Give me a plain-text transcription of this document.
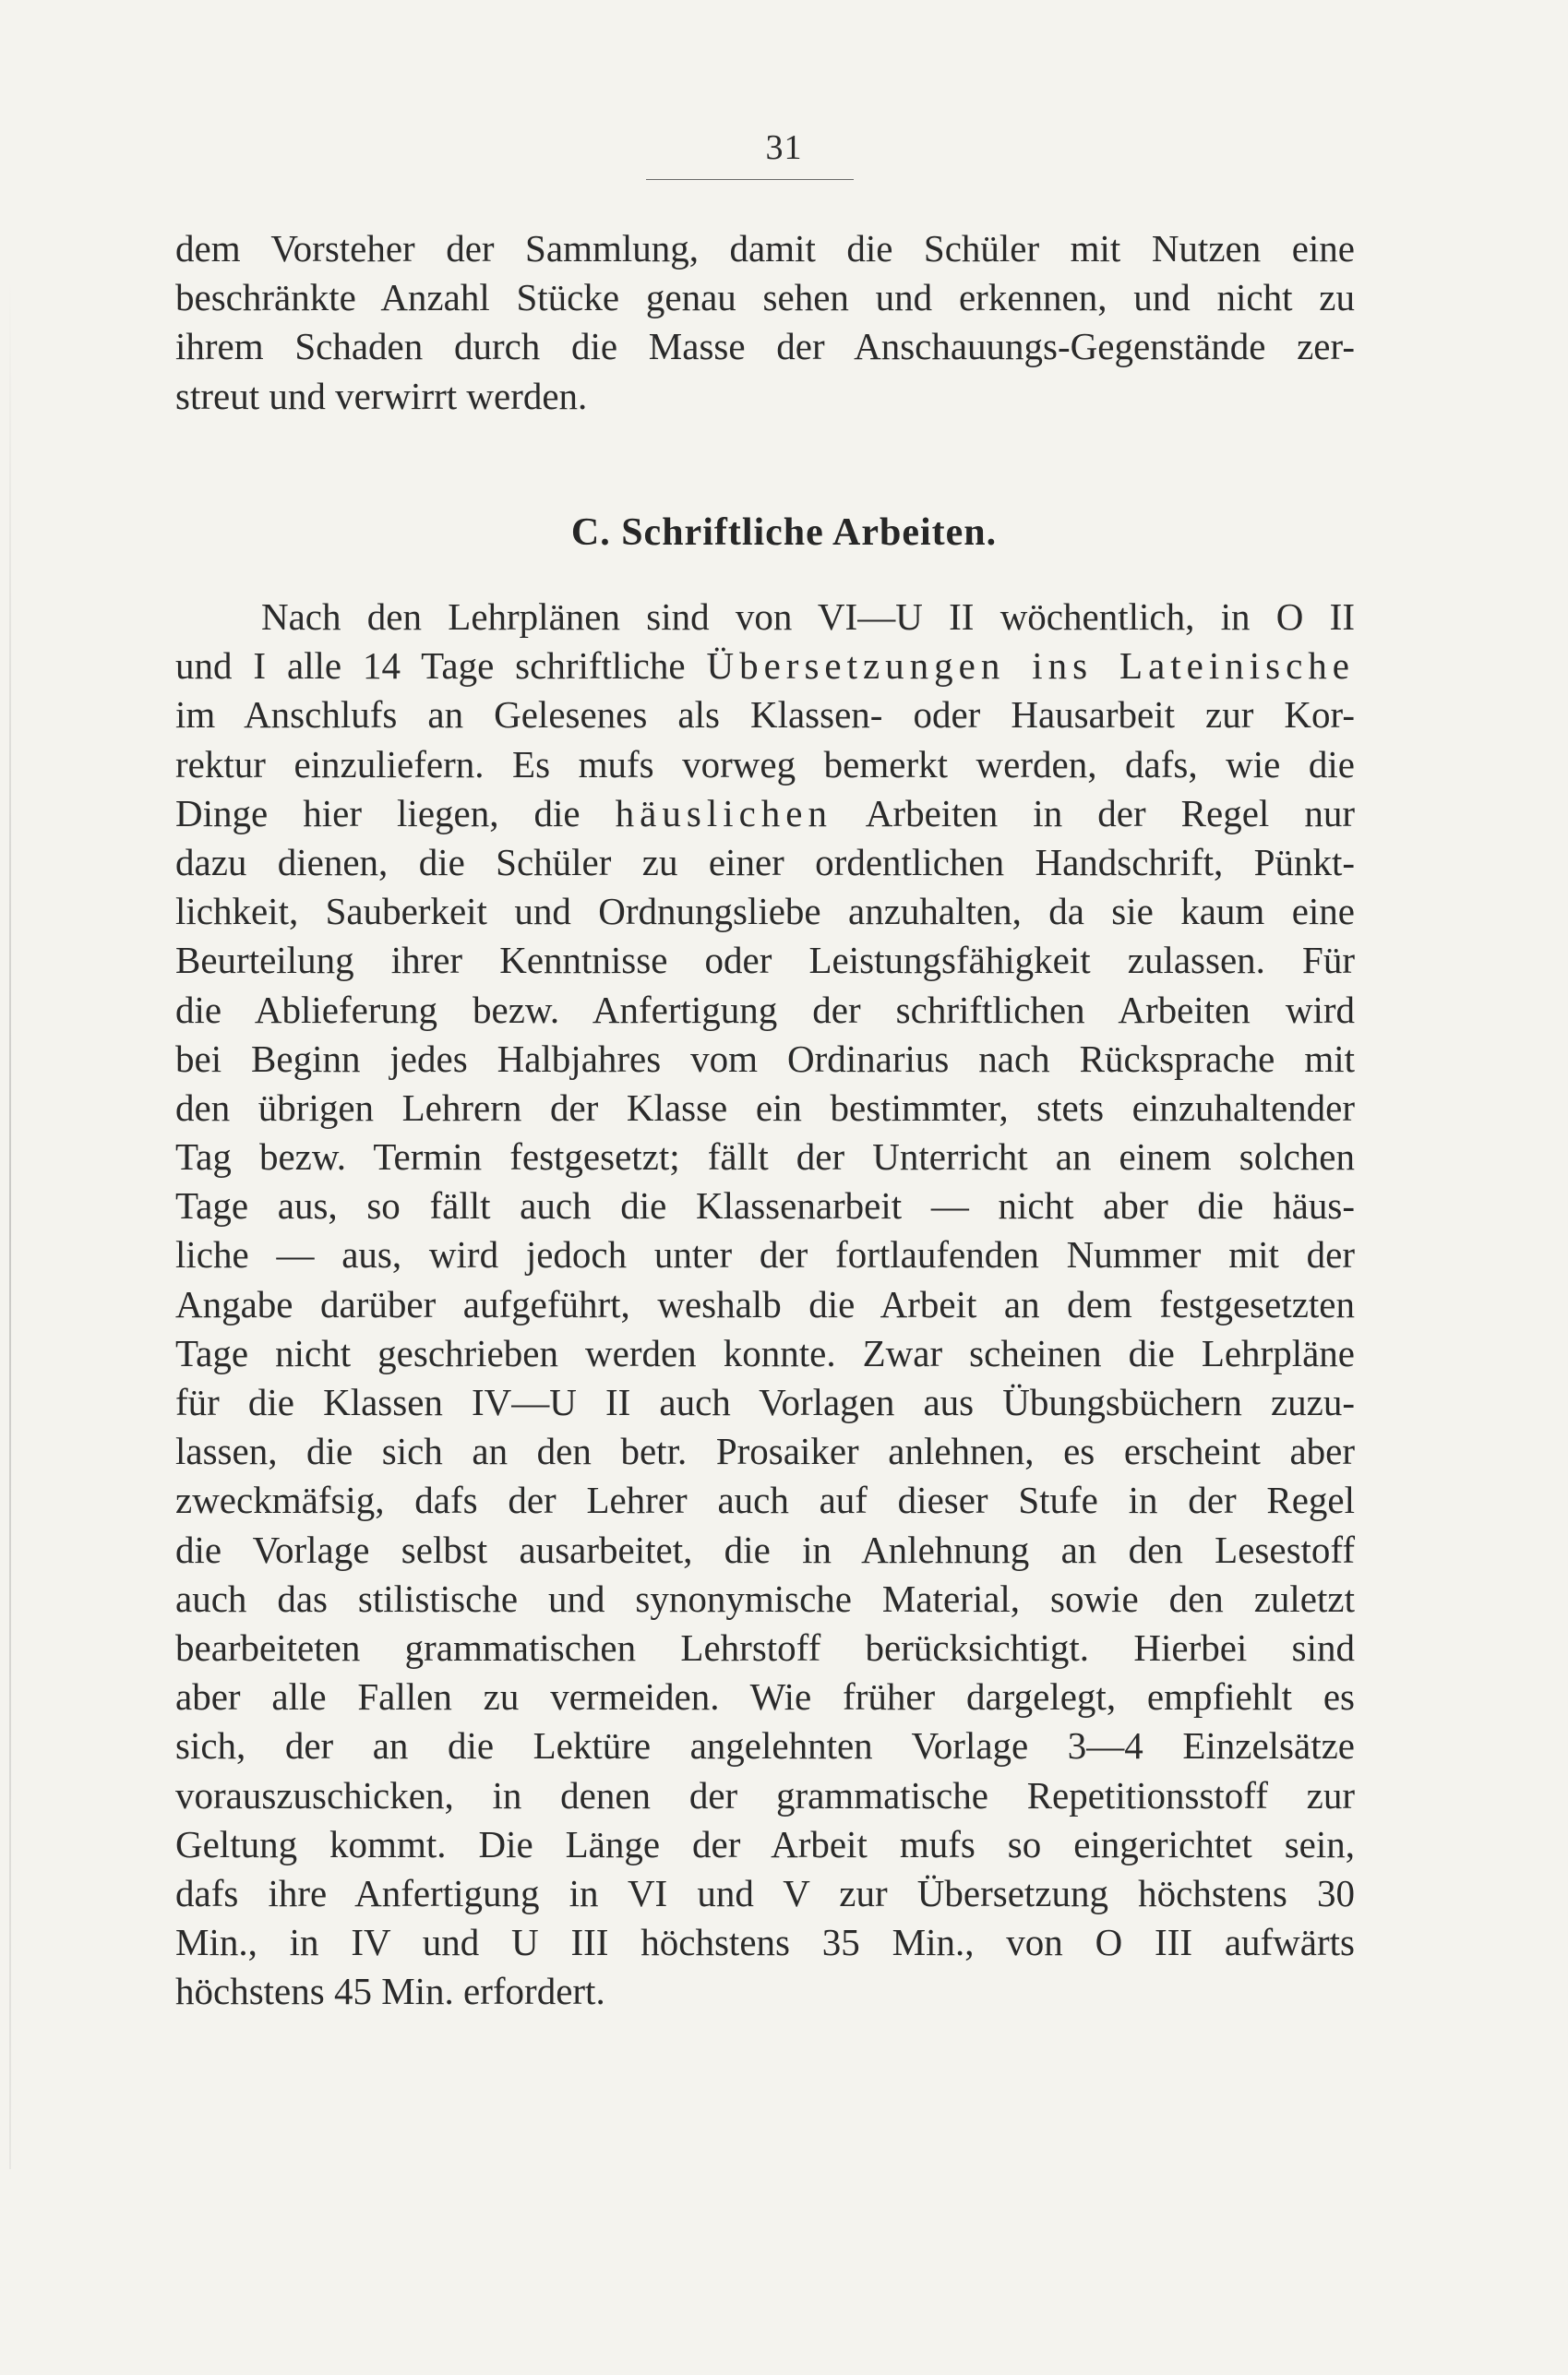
31
dem Vorsteher der Sammlung, damit die Schüler mit Nutzen eine
beschränkte Anzahl Stücke genau sehen und erkennen, und nicht zu
ihrem Schaden durch die Masse der Anschauungs-Gegenstände zer-
streut und verwirrt werden.
C. Schriftliche Arbeiten.
Nach den Lehrplänen sind von VI—U II wöchentlich, in O II
und I alle 14 Tage schriftliche Übersetzungen ins Lateinische
im Anschlufs an Gelesenes als Klassen- oder Hausarbeit zur Kor-
rektur einzuliefern. Es mufs vorweg bemerkt werden, dafs, wie die
Dinge hier liegen, die häuslichen Arbeiten in der Regel nur
dazu dienen, die Schüler zu einer ordentlichen Handschrift, Pünkt-
lichkeit, Sauberkeit und Ordnungsliebe anzuhalten, da sie kaum eine
Beurteilung ihrer Kenntnisse oder Leistungsfähigkeit zulassen. Für
die Ablieferung bezw. Anfertigung der schriftlichen Arbeiten wird
bei Beginn jedes Halbjahres vom Ordinarius nach Rücksprache mit
den übrigen Lehrern der Klasse ein bestimmter, stets einzuhaltender
Tag bezw. Termin festgesetzt; fällt der Unterricht an einem solchen
Tage aus, so fällt auch die Klassenarbeit — nicht aber die häus-
liche — aus, wird jedoch unter der fortlaufenden Nummer mit der
Angabe darüber aufgeführt, weshalb die Arbeit an dem festgesetzten
Tage nicht geschrieben werden konnte. Zwar scheinen die Lehrpläne
für die Klassen IV—U II auch Vorlagen aus Übungsbüchern zuzu-
lassen, die sich an den betr. Prosaiker anlehnen, es erscheint aber
zweckmäfsig, dafs der Lehrer auch auf dieser Stufe in der Regel
die Vorlage selbst ausarbeitet, die in Anlehnung an den Lesestoff
auch das stilistische und synonymische Material, sowie den zuletzt
bearbeiteten grammatischen Lehrstoff berücksichtigt. Hierbei sind
aber alle Fallen zu vermeiden. Wie früher dargelegt, empfiehlt es
sich, der an die Lektüre angelehnten Vorlage 3—4 Einzelsätze
vorauszuschicken, in denen der grammatische Repetitionsstoff zur
Geltung kommt. Die Länge der Arbeit mufs so eingerichtet sein,
dafs ihre Anfertigung in VI und V zur Übersetzung höchstens 30
Min., in IV und U III höchstens 35 Min., von O III aufwärts
höchstens 45 Min. erfordert.
